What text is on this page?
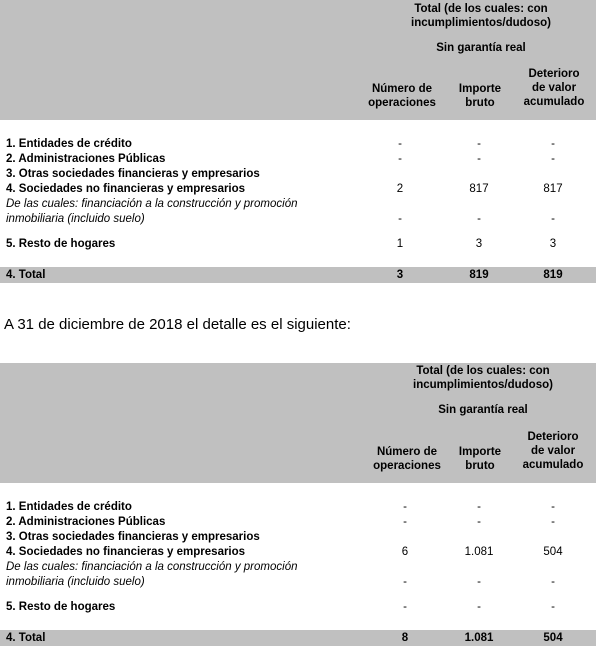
Total (de los cuales: con
incumplimientos/dudoso)
Sin garantía real
Número de
operaciones
Importe
bruto
Deterioro
de valor
acumulado
1. Entidades de crédito	-	-	-
2. Administraciones Públicas	-	-	-
3. Otras sociedades financieras y empresarios
4. Sociedades no financieras y empresarios	2	817	817
De las cuales: financiación a la construcción y promoción
inmobiliaria (incluido suelo)	-	-	-
5. Resto de hogares	1	3	3
4. Total	3	819	819
A 31 de diciembre de 2018 el detalle es el siguiente:
Total (de los cuales: con
incumplimientos/dudoso)
Sin garantía real
Número de
operaciones
Importe
bruto
Deterioro
de valor
acumulado
1. Entidades de crédito	-	-	-
2. Administraciones Públicas	-	-	-
3. Otras sociedades financieras y empresarios
4. Sociedades no financieras y empresarios	6	1.081	504
De las cuales: financiación a la construcción y promoción
inmobiliaria (incluido suelo)	-	-	-
5. Resto de hogares	-	-	-
4. Total	8	1.081	504
